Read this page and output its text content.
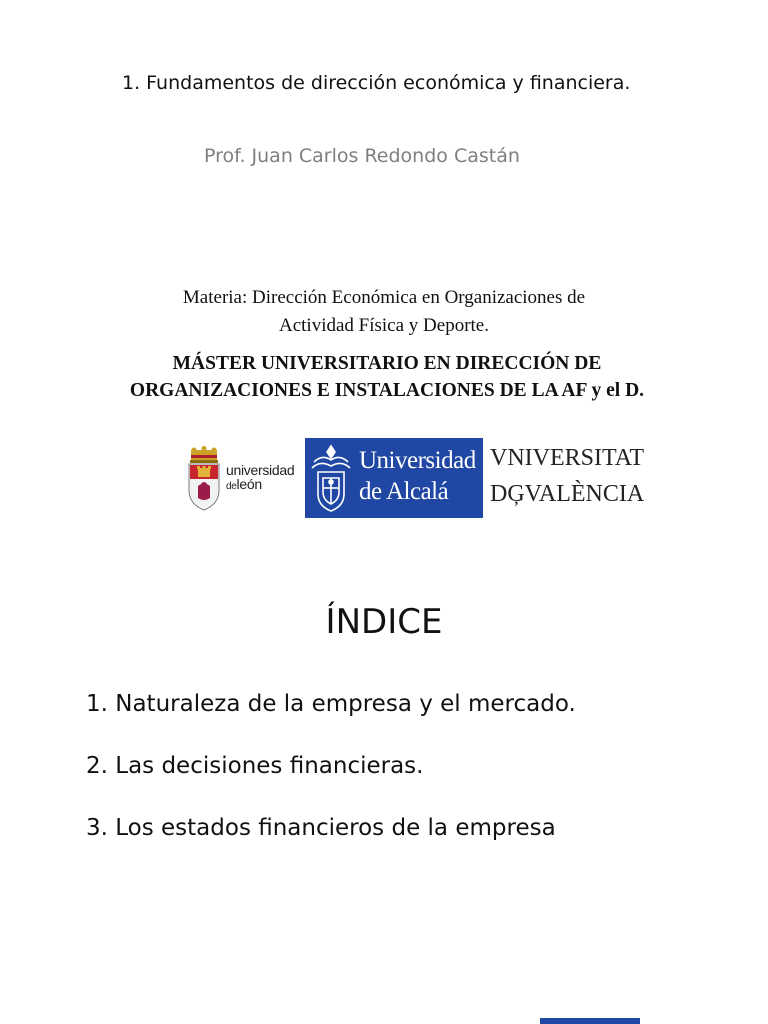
1. Fundamentos de dirección económica y financiera.
Prof. Juan Carlos Redondo Castán
Materia: Dirección Económica en Organizaciones de
Actividad Física y Deporte.
MÁSTER UNIVERSITARIO EN DIRECCIÓN DE
ORGANIZACIONES E INSTALACIONES DE LA AF y el D.
universidad
deleón
Universidad
de Alcalá
VNIVERSITAT
DĢVALÈNCIA
ÍNDICE
1. Naturaleza de la empresa y el mercado.
2. Las decisiones financieras.
3. Los estados financieros de la empresa
